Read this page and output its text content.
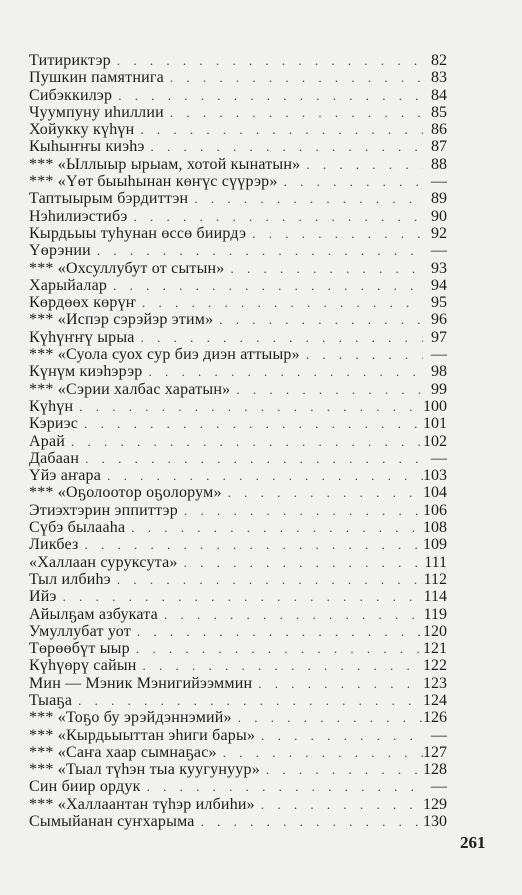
Титириктэр . . .	82
Пушкин памятнига . . .	83
Сибэккилэр . . .	84
Чуумпуну иһиллии . . .	85
Хойукку күһүн . . .	86
Кыһыҥҥы киэһэ . . .	87
*** «Ыллыыр ырыам, хотой кынатын» . . .	88
*** «Үөт быыһынан көҥүс сүүрэр» . . .	—
Таптыырым бэрдиттэн . . .	89
Нэһилиэстибэ . . .	90
Кырдьыы туһунан өссө биирдэ . . .	92
Үөрэнии . . .	—
*** «Охсуллубут от сытын» . . .	93
Харыйалар . . .	94
Көрдөөх көрүҥ . . .	95
*** «Испэр сэрэйэр этим» . . .	96
Күһүҥҥү ырыа . . .	97
*** «Суола суох сур биэ диэн аттыыр» . . .	—
Күнүм киэһэрэр . . .	98
*** «Сэрии халбас харатын» . . .	99
Күһүн . . .	100
Кэриэс . . .	101
Арай . . .	102
Дабаан . . .	—
Үйэ аҥара . . .	103
*** «Оҕолоотор оҕолорум» . . .	104
Этиэхтэрин эппиттэр . . .	106
Сүбэ былааһа . . .	108
Ликбез . . .	109
«Халлаан суруксута» . . .	111
Тыл илбиһэ . . .	112
Ийэ . . .	114
Айылҕам азбуката . . .	119
Умуллубат уот . . .	120
Төрөөбүт ыыр . . .	121
Күһүөрү сайын . . .	122
Мин — Мэник Мэнигийээммин . . .	123
Тыаҕа . . .	124
*** «Тоҕо бу эрэйдэннэмий» . . .	126
*** «Кырдьыыттан эһиги бары» . . .	—
*** «Саҥа хаар сымнаҕас» . . .	127
*** «Тыал түһэн тыа куугунуур» . . .	128
Син биир ордук . . .	—
*** «Халлаантан түһэр илбиһи» . . .	129
Сымыйанан суҥхарыма . . .	130
261
